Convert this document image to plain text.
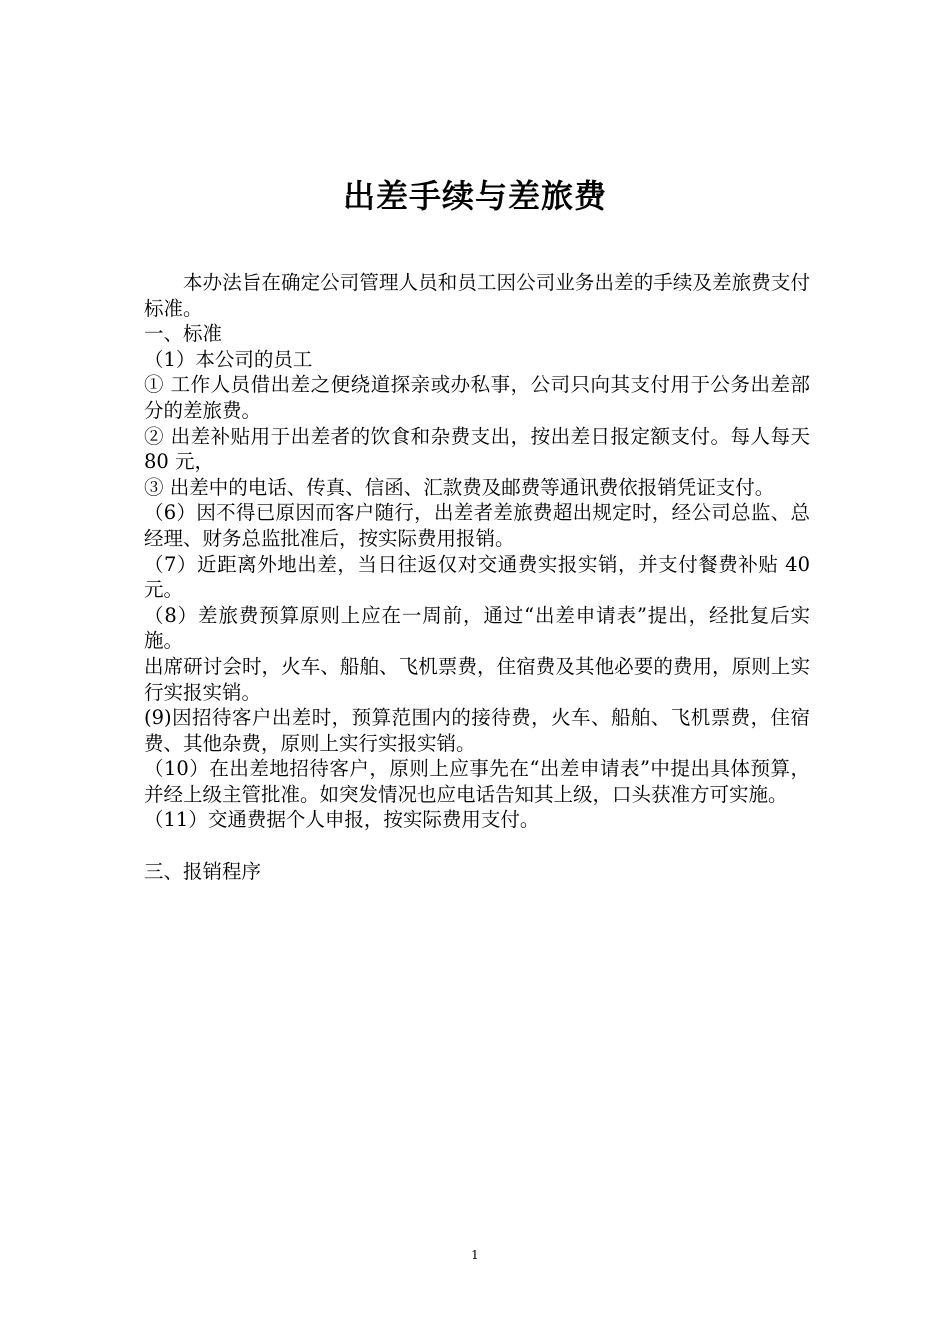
出差手续与差旅费

本办法旨在确定公司管理人员和员工因公司业务出差的手续及差旅费支付标准。

一、标准

（1）本公司的员工

① 工作人员借出差之便绕道探亲或办私事，公司只向其支付用于公务出差部分的差旅费。

② 出差补贴用于出差者的饮食和杂费支出，按出差日报定额支付。每人每天 80 元，

③ 出差中的电话、传真、信函、汇款费及邮费等通讯费依报销凭证支付。

（6）因不得已原因而客户随行，出差者差旅费超出规定时，经公司总监、总经理、财务总监批准后，按实际费用报销。

（7）近距离外地出差，当日往返仅对交通费实报实销，并支付餐费补贴 40 元。

（8）差旅费预算原则上应在一周前，通过“出差申请表”提出，经批复后实施。

出席研讨会时，火车、船舶、飞机票费，住宿费及其他必要的费用，原则上实行实报实销。

(9)因招待客户出差时，预算范围内的接待费，火车、船舶、飞机票费，住宿费、其他杂费，原则上实行实报实销。

（10）在出差地招待客户，原则上应事先在“出差申请表”中提出具体预算，并经上级主管批准。如突发情况也应电话告知其上级，口头获准方可实施。

（11）交通费据个人申报，按实际费用支付。

三、报销程序

1
